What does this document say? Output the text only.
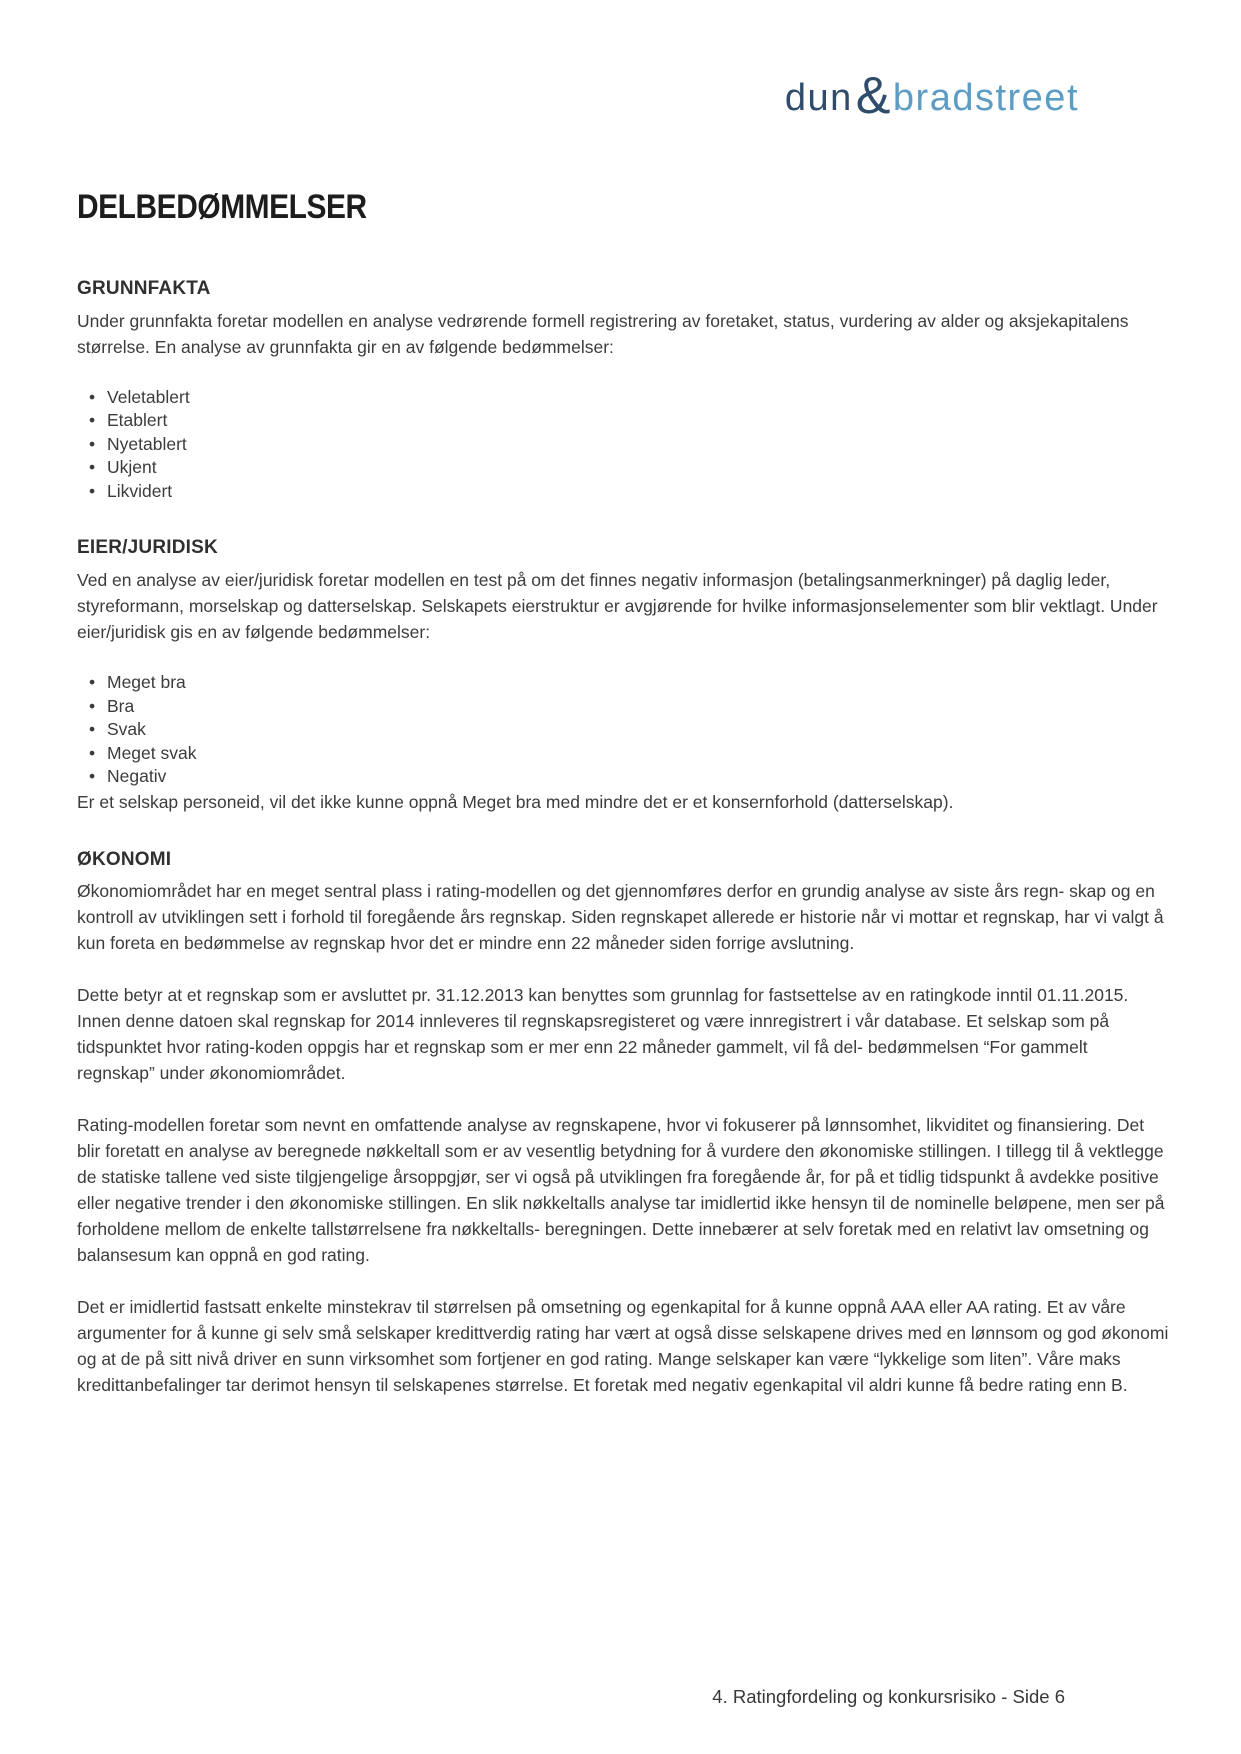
dun & bradstreet
DELBEDØMMELSER
GRUNNFAKTA

Under grunnfakta foretar modellen en analyse vedrørende formell registrering av foretaket, status, vurdering av alder og aksjekapitalens størrelse. En analyse av grunnfakta gir en av følgende bedømmelser:

• Veletablert
• Etablert
• Nyetablert
• Ukjent
• Likvidert
EIER/JURIDISK

Ved en analyse av eier/juridisk foretar modellen en test på om det finnes negativ informasjon (betalingsanmerkninger) på daglig leder, styreformann, morselskap og datterselskap. Selskapets eierstruktur er avgjørende for hvilke informasjonselementer som blir vektlagt. Under eier/juridisk gis en av følgende bedømmelser:

• Meget bra
• Bra
• Svak
• Meget svak
• Negativ

Er et selskap personeid, vil det ikke kunne oppnå Meget bra med mindre det er et konsernforhold (datterselskap).

ØKONOMI

Økonomiområdet har en meget sentral plass i rating-modellen og det gjennomføres derfor en grundig analyse av siste års regn- skap og en kontroll av utviklingen sett i forhold til foregående års regnskap. Siden regnskapet allerede er historie når vi mottar et regnskap, har vi valgt å kun foreta en bedømmelse av regnskap hvor det er mindre enn 22 måneder siden forrige avslutning.

Dette betyr at et regnskap som er avsluttet pr. 31.12.2013 kan benyttes som grunnlag for fastsettelse av en ratingkode inntil 01.11.2015. Innen denne datoen skal regnskap for 2014 innleveres til regnskapsregisteret og være innregistrert i vår database. Et selskap som på tidspunktet hvor rating-koden oppgis har et regnskap som er mer enn 22 måneder gammelt, vil få del- bedømmelsen “For gammelt regnskap” under økonomiområdet.

Rating-modellen foretar som nevnt en omfattende analyse av regnskapene, hvor vi fokuserer på lønnsomhet, likviditet og finansiering. Det blir foretatt en analyse av beregnede nøkkeltall som er av vesentlig betydning for å vurdere den økonomiske stillingen. I tillegg til å vektlegge de statiske tallene ved siste tilgjengelige årsoppgjør, ser vi også på utviklingen fra foregående år, for på et tidlig tidspunkt å avdekke positive eller negative trender i den økonomiske stillingen. En slik nøkkeltalls analyse tar imidlertid ikke hensyn til de nominelle beløpene, men ser på forholdene mellom de enkelte tallstørrelsene fra nøkkeltalls- beregningen. Dette innebærer at selv foretak med en relativt lav omsetning og balansesum kan oppnå en god rating.

Det er imidlertid fastsatt enkelte minstekrav til størrelsen på omsetning og egenkapital for å kunne oppnå AAA eller AA rating. Et av våre argumenter for å kunne gi selv små selskaper kredittverdig rating har vært at også disse selskapene drives med en lønnsom og god økonomi og at de på sitt nivå driver en sunn virksomhet som fortjener en god rating. Mange selskaper kan være “lykkelige som liten”. Våre maks kredittanbefalinger tar derimot hensyn til selskapenes størrelse. Et foretak med negativ egenkapital vil aldri kunne få bedre rating enn B.

4. Ratingfordeling og konkursrisiko - Side 6
